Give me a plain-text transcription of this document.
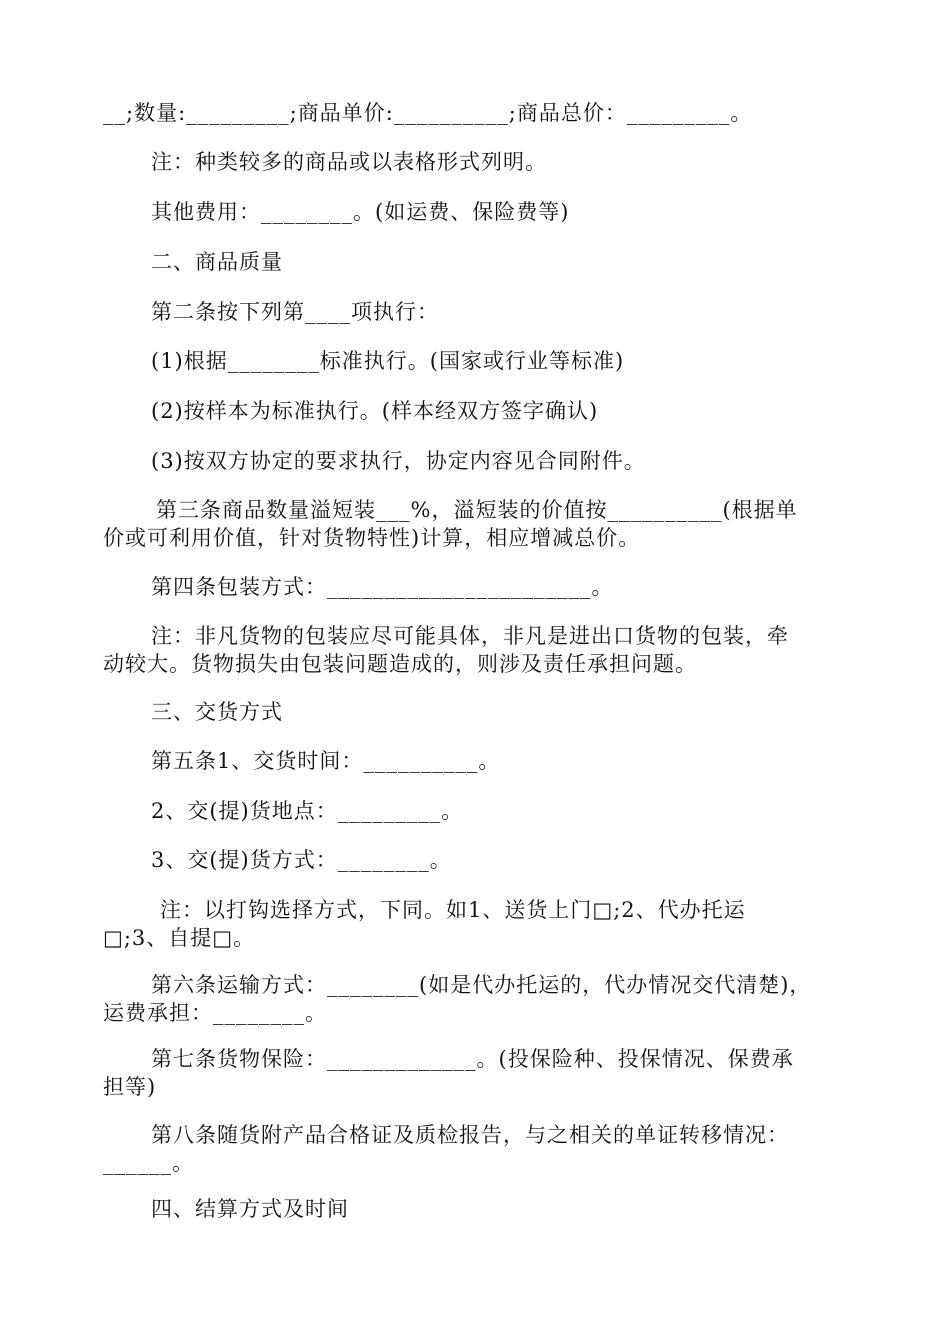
__;数量:_________;商品单价:__________;商品总价：_________。
注：种类较多的商品或以表格形式列明。
其他费用：________。(如运费、保险费等)
二、商品质量
第二条按下列第____项执行：
(1)根据________标准执行。(国家或行业等标准)
(2)按样本为标准执行。(样本经双方签字确认)
(3)按双方协定的要求执行，协定内容见合同附件。
第三条商品数量溢短装___%，溢短装的价值按__________(根据单
价或可利用价值，针对货物特性)计算，相应增减总价。
第四条包装方式：_______________________。
注：非凡货物的包装应尽可能具体，非凡是进出口货物的包装，牵
动较大。货物损失由包装问题造成的，则涉及责任承担问题。
三、交货方式
第五条1、交货时间：__________。
2、交(提)货地点：_________。
3、交(提)货方式：________。
注：以打钩选择方式，下同。如1、送货上门□;2、代办托运
□;3、自提□。
第六条运输方式：________(如是代办托运的，代办情况交代清楚)，
运费承担：________。
第七条货物保险：_____________。(投保险种、投保情况、保费承
担等)
第八条随货附产品合格证及质检报告，与之相关的单证转移情况：
______。
四、结算方式及时间
